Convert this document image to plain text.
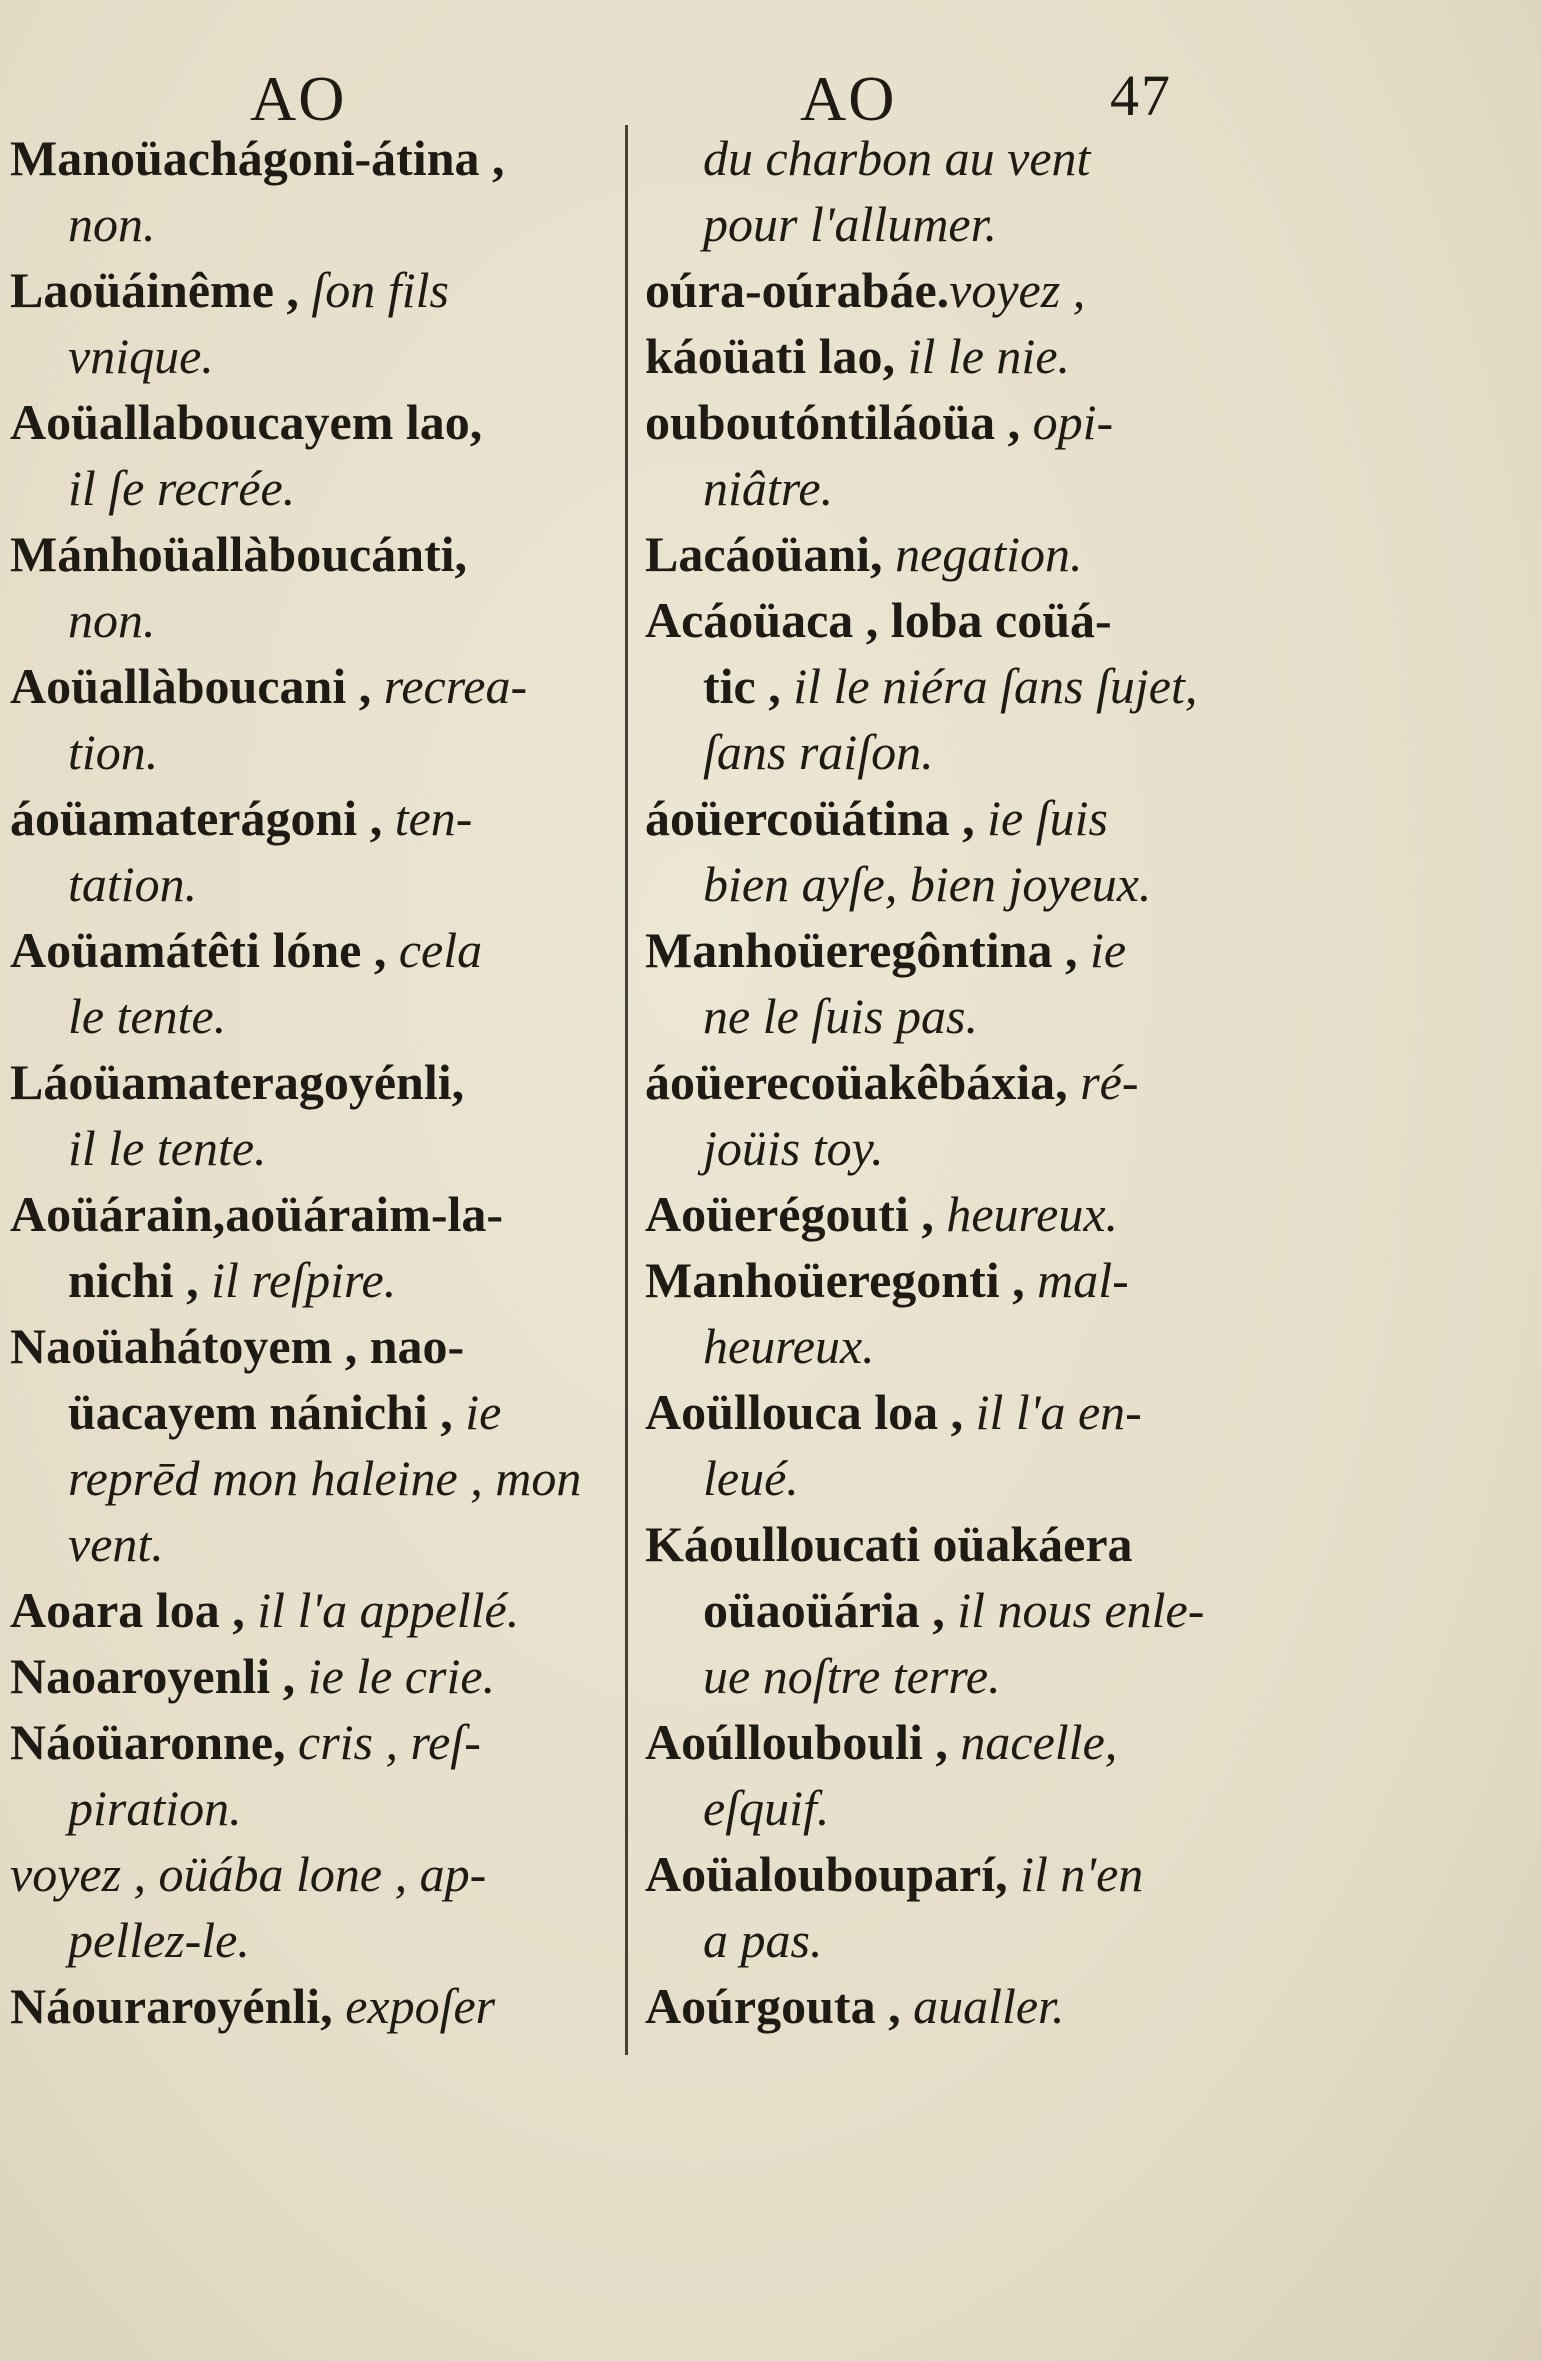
AO	AO	47
Manoüachágoni-átina ,
non.
Laoüáinême , ſon fils
vnique.
Aoüallaboucayem lao,
il ſe recrée.
Mánhoüallàboucánti,
non.
Aoüallàboucani , recrea-
tion.
áoüamaterágoni , ten-
tation.
Aoüamátêti lóne , cela
le tente.
Láoüamateragoyénli,
il le tente.
Aoüárain,aoüáraim-la-
nichi , il reſpire.
Naoüahátoyem , nao-
üacayem nánichi , ie
reprēd mon haleine , mon
vent.
Aoara loa , il l'a appellé.
Naoaroyenli , ie le crie.
Náoüaronne, cris , reſ-
piration.
voyez , oüába lone , ap-
pellez-le.
Náouraroyénli, expoſer
du charbon au vent
pour l'allumer.
oúra-oúrabáe.voyez ,
káoüati lao, il le nie.
ouboutóntiláoüa , opi-
niâtre.
Lacáoüani, negation.
Acáoüaca , loba coüá-
tic , il le niéra ſans ſujet,
ſans raiſon.
áoüercoüátina , ie ſuis
bien ayſe, bien joyeux.
Manhoüeregôntina , ie
ne le ſuis pas.
áoüerecoüakêbáxia, ré-
joüis toy.
Aoüerégouti , heureux.
Manhoüeregonti , mal-
heureux.
Aoüllouca loa , il l'a en-
leué.
Káoulloucati oüakáera
oüaoüária , il nous enle-
ue noſtre terre.
Aoúlloubouli , nacelle,
eſquif.
Aoüaloubouparí, il n'en
a pas.
Aoúrgouta , aualler.
